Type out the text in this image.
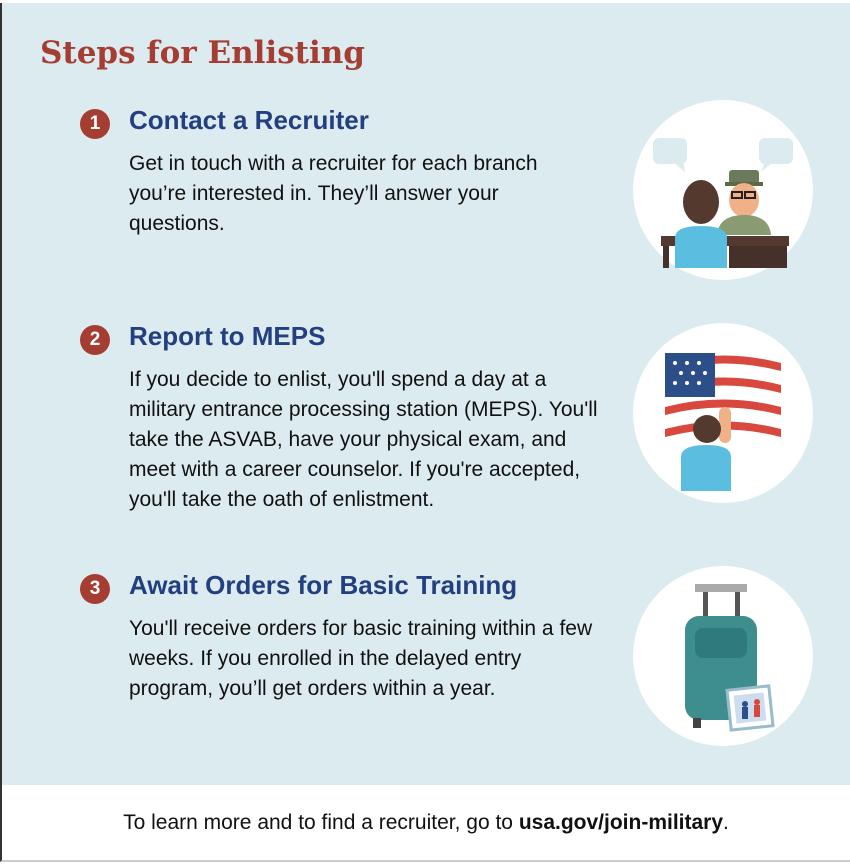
Steps for Enlisting
1	Contact a Recruiter
Get in touch with a recruiter for each branch you’re interested in. They’ll answer your questions.
2	Report to MEPS
If you decide to enlist, you'll spend a day at a military entrance processing station (MEPS). You'll take the ASVAB, have your physical exam, and meet with a career counselor. If you're accepted, you'll take the oath of enlistment.
3	Await Orders for Basic Training
You'll receive orders for basic training within a few weeks. If you enrolled in the delayed entry program, you’ll get orders within a year.
To learn more and to find a recruiter, go to
usa.gov/join-military .
